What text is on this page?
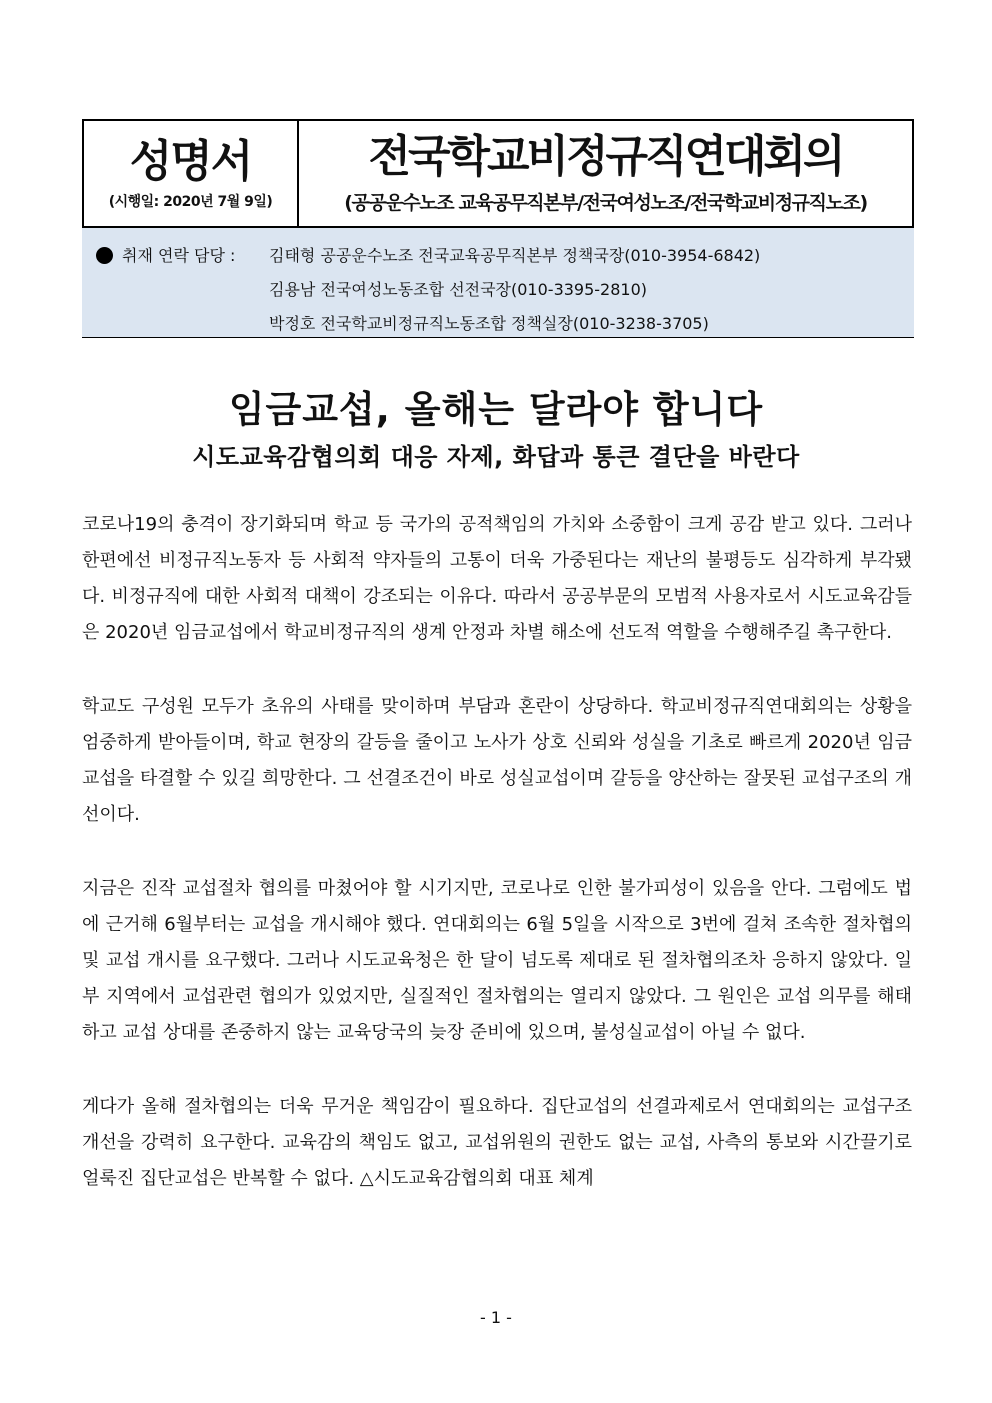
성명서
(시행일: 2020년 7월 9일)
전국학교비정규직연대회의
(공공운수노조 교육공무직본부/전국여성노조/전국학교비정규직노조)
취재 연락 담당 : 김태형 공공운수노조 전국교육공무직본부 정책국장(010-3954-6842)
김용남 전국여성노동조합 선전국장(010-3395-2810)
박정호 전국학교비정규직노동조합 정책실장(010-3238-3705)
임금교섭, 올해는 달라야 합니다
시도교육감협의회 대응 자제, 화답과 통큰 결단을 바란다

코로나19의 충격이 장기화되며 학교 등 국가의 공적책임의 가치와 소중함이 크게 공감 받고 있다. 그러나 한편에선 비정규직노동자 등 사회적 약자들의 고통이 더욱 가중된다는 재난의 불평등도 심각하게 부각됐다. 비정규직에 대한 사회적 대책이 강조되는 이유다. 따라서 공공부문의 모범적 사용자로서 시도교육감들은 2020년 임금교섭에서 학교비정규직의 생계 안정과 차별 해소에 선도적 역할을 수행해주길 촉구한다.

학교도 구성원 모두가 초유의 사태를 맞이하며 부담과 혼란이 상당하다. 학교비정규직연대회의는 상황을 엄중하게 받아들이며, 학교 현장의 갈등을 줄이고 노사가 상호 신뢰와 성실을 기초로 빠르게 2020년 임금교섭을 타결할 수 있길 희망한다. 그 선결조건이 바로 성실교섭이며 갈등을 양산하는 잘못된 교섭구조의 개선이다.

지금은 진작 교섭절차 협의를 마쳤어야 할 시기지만, 코로나로 인한 불가피성이 있음을 안다. 그럼에도 법에 근거해 6월부터는 교섭을 개시해야 했다. 연대회의는 6월 5일을 시작으로 3번에 걸쳐 조속한 절차협의 및 교섭 개시를 요구했다. 그러나 시도교육청은 한 달이 넘도록 제대로 된 절차협의조차 응하지 않았다. 일부 지역에서 교섭관련 협의가 있었지만, 실질적인 절차협의는 열리지 않았다. 그 원인은 교섭 의무를 해태하고 교섭 상대를 존중하지 않는 교육당국의 늦장 준비에 있으며, 불성실교섭이 아닐 수 없다.

게다가 올해 절차협의는 더욱 무거운 책임감이 필요하다. 집단교섭의 선결과제로서 연대회의는 교섭구조 개선을 강력히 요구한다. 교육감의 책임도 없고, 교섭위원의 권한도 없는 교섭, 사측의 통보와 시간끌기로 얼룩진 집단교섭은 반복할 수 없다. △시도교육감협의회 대표 체계

- 1 -
